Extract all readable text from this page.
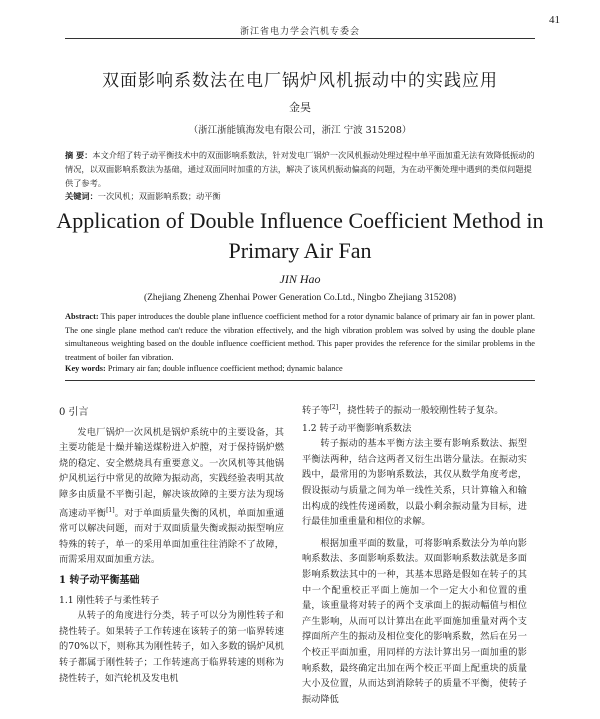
41
浙江省电力学会汽机专委会
双面影响系数法在电厂锅炉风机振动中的实践应用
金昊
（浙江浙能镇海发电有限公司，浙江 宁波 315208）
摘 要：本文介绍了转子动平衡技术中的双面影响系数法，针对发电厂锅炉一次风机振动处理过程中单平面加重无法有效降低振动的情况，以双面影响系数法为基础，通过双面同时加重的方法，解决了该风机振动偏高的问题，为在动平衡处理中遇到的类似问题提供了参考。
关键词：一次风机；双面影响系数；动平衡
Application of Double Influence Coefficient Method in
Primary Air Fan
JIN Hao
(Zhejiang Zheneng Zhenhai Power Generation Co.Ltd., Ningbo Zhejiang 315208)
Abstract: This paper introduces the double plane influence coefficient method for a rotor dynamic balance of primary air fan in power plant. The one single plane method can't reduce the vibration effectively, and the high vibration problem was solved by using the double plane simultaneous weighting based on the double influence coefficient method. This paper provides the reference for the similar problems in the treatment of boiler fan vibration.
Key words: Primary air fan; double influence coefficient method; dynamic balance
0 引言

发电厂锅炉一次风机是锅炉系统中的主要设备，其主要功能是十燥并输送煤粉进入炉膛，对于保持锅炉燃烧的稳定、安全燃烧具有重要意义。一次风机等其他锅炉风机运行中常见的故障为振动高，实践经验表明其故障多由质量不平衡引起，解决该故障的主要方法为现场高速动平衡[1]。对于单面质量失衡的风机，单面加重通常可以解决问题，而对于双面质量失衡或振动振型响应特殊的转子，单一的采用单面加重往往消除不了故障，而需采用双面加重方法。

1 转子动平衡基础
1.1 刚性转子与柔性转子

从转子的角度进行分类，转子可以分为刚性转子和挠性转子。如果转子工作转速在该转子的第一临界转速的70%以下，则称其为刚性转子，如入多数的锅炉风机转子都属于刚性转子；工作转速高于临界转速的则称为挠性转子，如汽轮机及发电机

转子等[2]，挠性转子的振动一般较刚性转子复杂。

1.2 转子动平衡影响系数法

转子振动的基本平衡方法主要有影响系数法、振型平衡法两种，结合这两者又衍生出谐分量法。在振动实践中，最常用的为影响系数法，其仅从数学角度考虑，假设振动与质量之间为单一线性关系，只计算输入和输出构成的线性传递函数，以最小剩余振动量为目标，进行最佳加重重量和相位的求解。

根据加重平面的数量，可将影响系数法分为单向影响系数法、多面影响系数法。双面影响系数法就是多面影响系数法其中的一种，其基本思路是假如在转子的其中一个配重校正平面上施加一个一定大小和位置的重量，该重量将对转子的两个支承面上的振动幅值与相位产生影响，从而可以计算出在此平面施加重量对两个支撑面所产生的振动及相位变化的影响系数，然后在另一个校正平面加重，用同样的方法计算出另一面加重的影响系数，最终确定出加在两个校正平面上配重块的质量大小及位置，从而达到消除转子的质量不平衡，使转子振动降低
